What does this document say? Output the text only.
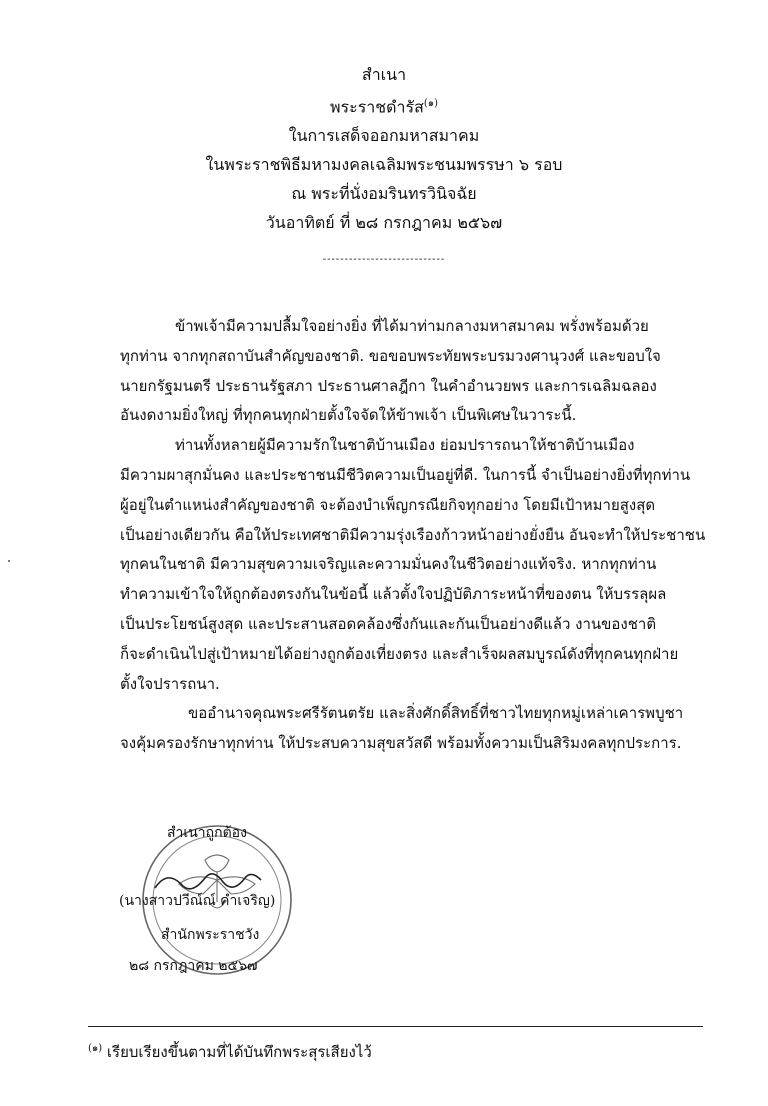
สำเนา
พระราชดำรัส$^{(๑)}$
ในการเสด็จออกมหาสมาคม
ในพระราชพิธีมหามงคลเฉลิมพระชนมพรรษา ๖ รอบ
ณ พระที่นั่งอมรินทรวินิจฉัย
วันอาทิตย์ ที่ ๒๘ กรกฎาคม ๒๕๖๗
----------------------------
ข้าพเจ้ามีความปลื้มใจอย่างยิ่ง ที่ได้มาท่ามกลางมหาสมาคม พรั่งพร้อมด้วย
ทุกท่าน จากทุกสถาบันสำคัญของชาติ. ขอขอบพระทัยพระบรมวงศานุวงศ์ และขอบใจ
นายกรัฐมนตรี ประธานรัฐสภา ประธานศาลฎีกา ในคำอำนวยพร และการเฉลิมฉลอง
อันงดงามยิ่งใหญ่ ที่ทุกคนทุกฝ่ายตั้งใจจัดให้ข้าพเจ้า เป็นพิเศษในวาระนี้.
ท่านทั้งหลายผู้มีความรักในชาติบ้านเมือง ย่อมปรารถนาให้ชาติบ้านเมือง
มีความผาสุกมั่นคง และประชาชนมีชีวิตความเป็นอยู่ที่ดี. ในการนี้ จำเป็นอย่างยิ่งที่ทุกท่าน
ผู้อยู่ในตำแหน่งสำคัญของชาติ จะต้องบำเพ็ญกรณียกิจทุกอย่าง โดยมีเป้าหมายสูงสุด
เป็นอย่างเดียวกัน คือให้ประเทศชาติมีความรุ่งเรืองก้าวหน้าอย่างยั่งยืน อันจะทำให้ประชาชน
ทุกคนในชาติ มีความสุขความเจริญและความมั่นคงในชีวิตอย่างแท้จริง. หากทุกท่าน
ทำความเข้าใจให้ถูกต้องตรงกันในข้อนี้ แล้วตั้งใจปฏิบัติภาระหน้าที่ของตน ให้บรรลุผล
เป็นประโยชน์สูงสุด และประสานสอดคล้องซึ่งกันและกันเป็นอย่างดีแล้ว งานของชาติ
ก็จะดำเนินไปสู่เป้าหมายได้อย่างถูกต้องเที่ยงตรง และสำเร็จผลสมบูรณ์ดังที่ทุกคนทุกฝ่าย
ตั้งใจปรารถนา.
ขออำนาจคุณพระศรีรัตนตรัย และสิ่งศักดิ์สิทธิ์ที่ชาวไทยทุกหมู่เหล่าเคารพบูชา
จงคุ้มครองรักษาทุกท่าน ให้ประสบความสุขสวัสดี พร้อมทั้งความเป็นสิริมงคลทุกประการ.
สำเนาถูกต้อง
(นางสาวปวีณ์ณ์ คำเจริญ)
สำนักพระราชวัง
๒๘ กรกฎาคม ๒๕๖๗
$^{(๑)}$ เรียบเรียงขึ้นตามที่ได้บันทึกพระสุรเสียงไว้
